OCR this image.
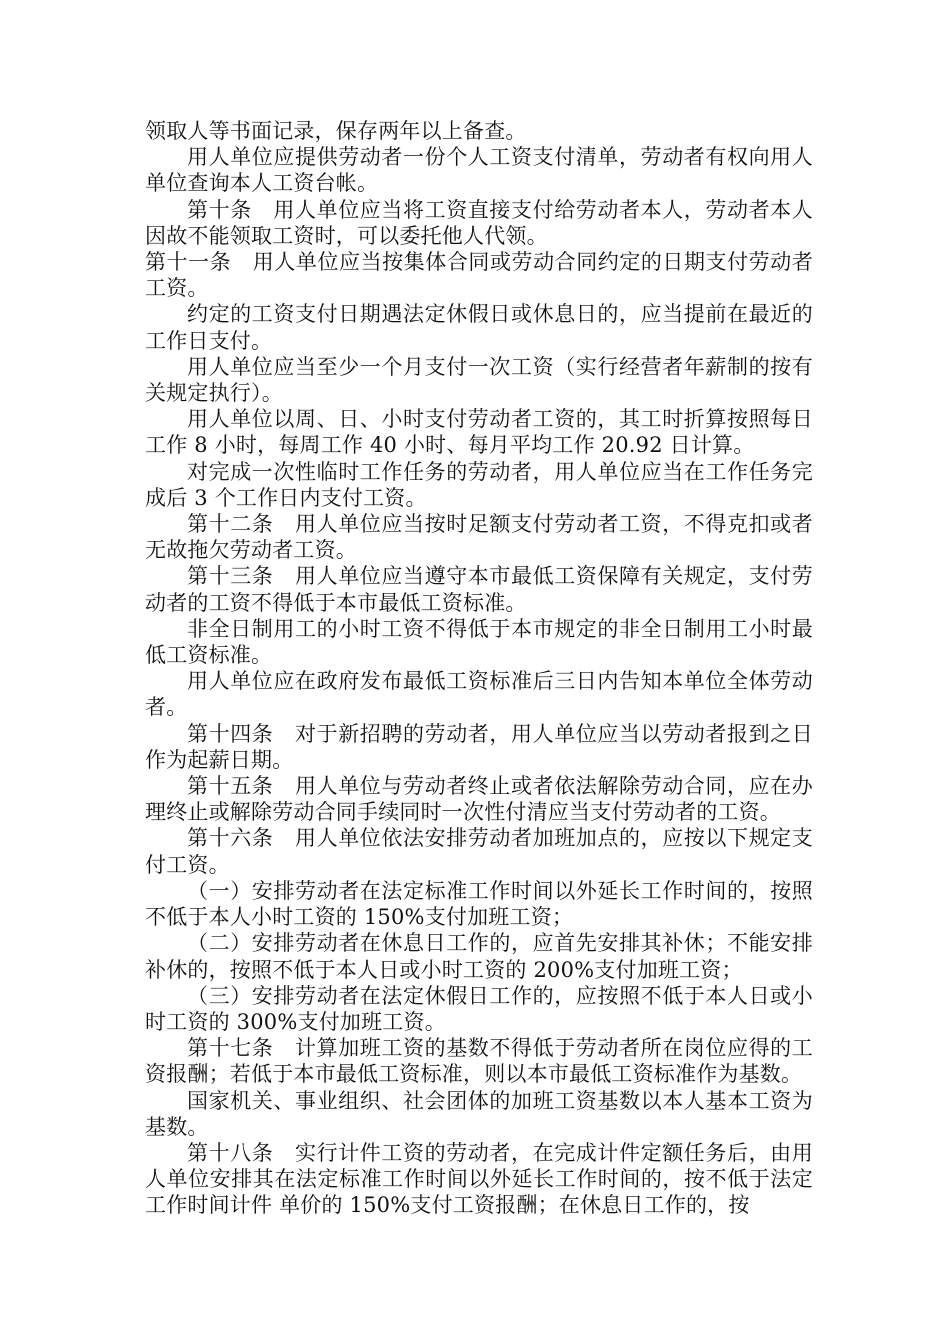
领取人等书面记录，保存两年以上备查。

用人单位应提供劳动者一份个人工资支付清单，劳动者有权向用人单位查询本人工资台帐。

第十条　用人单位应当将工资直接支付给劳动者本人，劳动者本人因故不能领取工资时，可以委托他人代领。

第十一条　用人单位应当按集体合同或劳动合同约定的日期支付劳动者工资。

约定的工资支付日期遇法定休假日或休息日的，应当提前在最近的工作日支付。

用人单位应当至少一个月支付一次工资（实行经营者年薪制的按有关规定执行）。

用人单位以周、日、小时支付劳动者工资的，其工时折算按照每日工作 8 小时，每周工作 40 小时、每月平均工作 20.92 日计算。

对完成一次性临时工作任务的劳动者，用人单位应当在工作任务完成后 3 个工作日内支付工资。

第十二条　用人单位应当按时足额支付劳动者工资，不得克扣或者无故拖欠劳动者工资。

第十三条　用人单位应当遵守本市最低工资保障有关规定，支付劳动者的工资不得低于本市最低工资标准。

非全日制用工的小时工资不得低于本市规定的非全日制用工小时最低工资标准。

用人单位应在政府发布最低工资标准后三日内告知本单位全体劳动者。

第十四条　对于新招聘的劳动者，用人单位应当以劳动者报到之日作为起薪日期。

第十五条　用人单位与劳动者终止或者依法解除劳动合同，应在办理终止或解除劳动合同手续同时一次性付清应当支付劳动者的工资。

第十六条　用人单位依法安排劳动者加班加点的，应按以下规定支付工资。

（一）安排劳动者在法定标准工作时间以外延长工作时间的，按照不低于本人小时工资的 150%支付加班工资；

（二）安排劳动者在休息日工作的，应首先安排其补休；不能安排补休的，按照不低于本人日或小时工资的 200%支付加班工资；

（三）安排劳动者在法定休假日工作的，应按照不低于本人日或小时工资的 300%支付加班工资。

第十七条　计算加班工资的基数不得低于劳动者所在岗位应得的工资报酬；若低于本市最低工资标准，则以本市最低工资标准作为基数。

国家机关、事业组织、社会团体的加班工资基数以本人基本工资为基数。

第十八条　实行计件工资的劳动者，在完成计件定额任务后，由用人单位安排其在法定标准工作时间以外延长工作时间的，按不低于法定工作时间计件 单价的 150%支付工资报酬；在休息日工作的，按
